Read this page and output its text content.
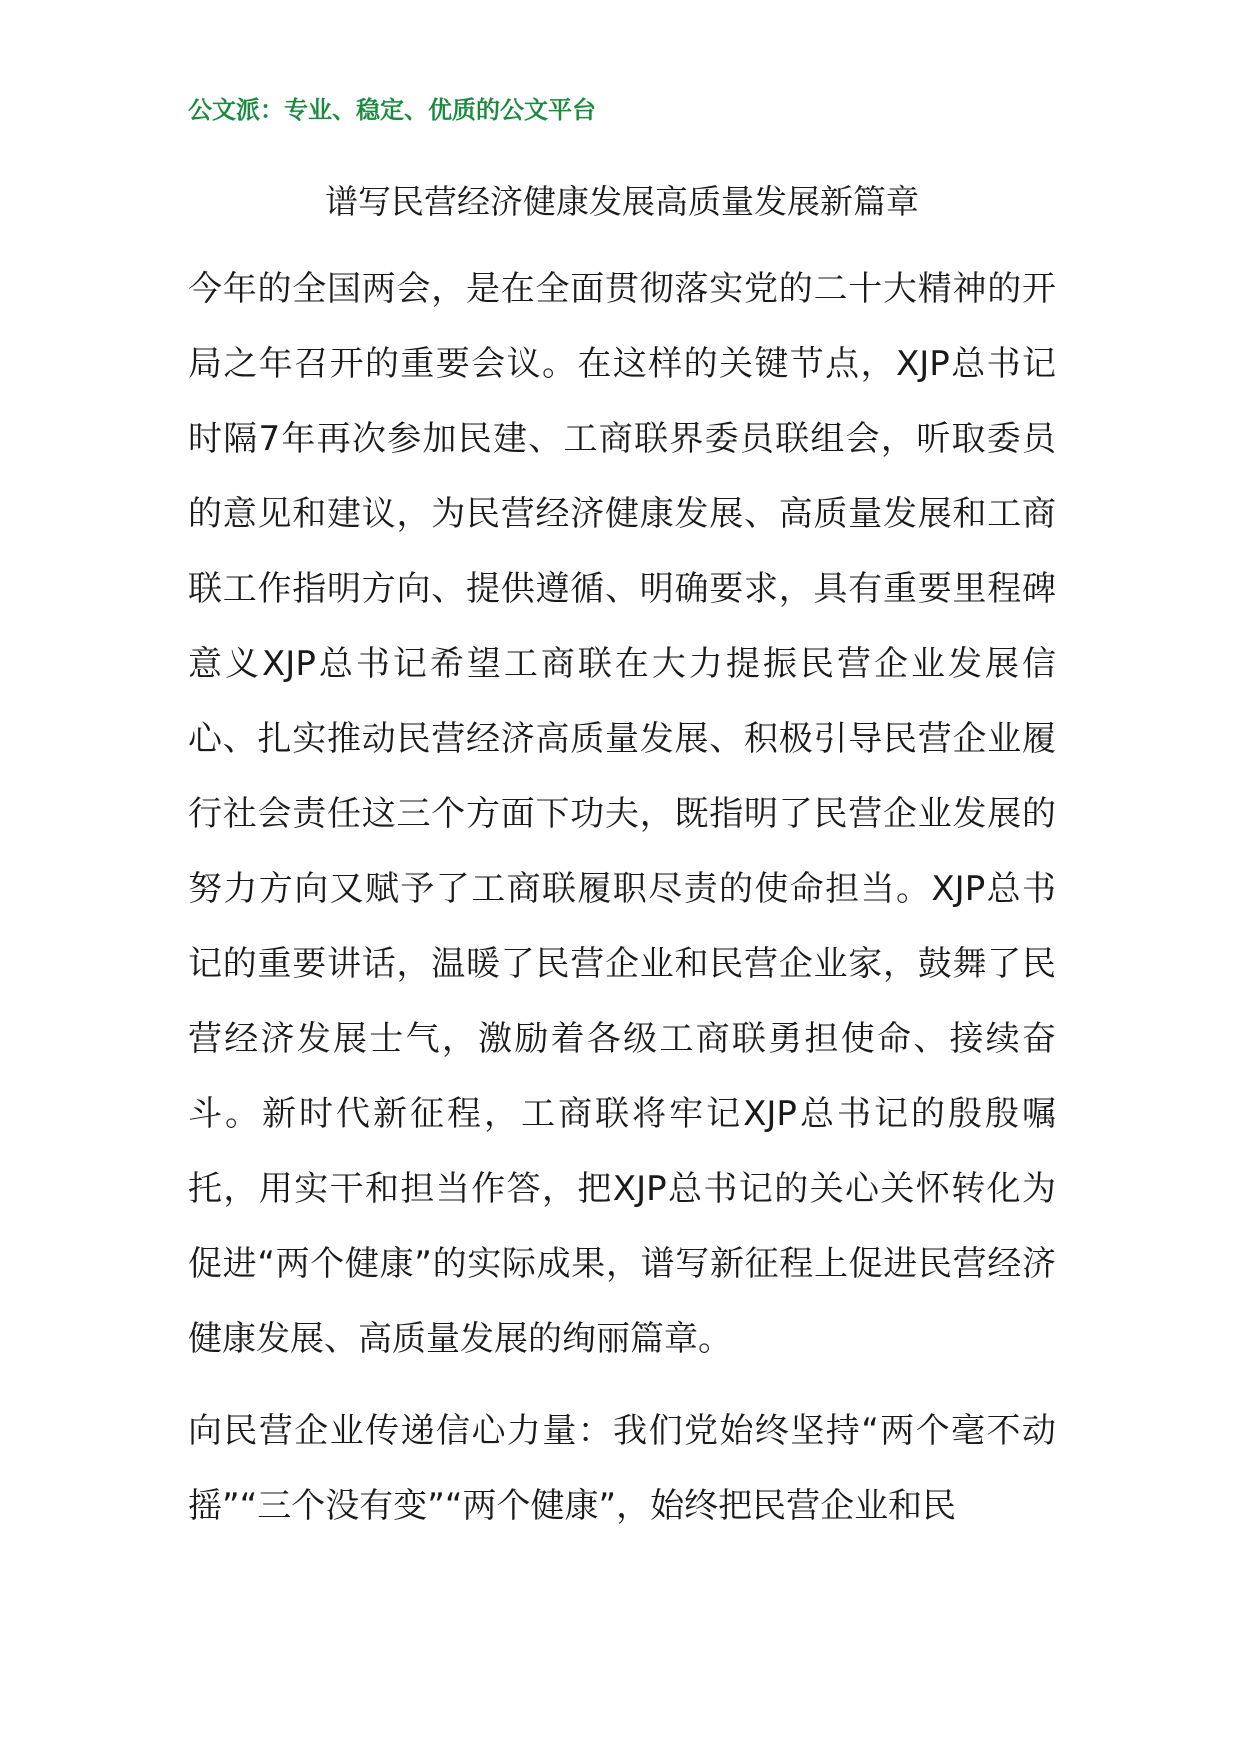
公文派：专业、稳定、优质的公文平台
谱写民营经济健康发展高质量发展新篇章

今年的全国两会，是在全面贯彻落实党的二十大精神的开局之年召开的重要会议。在这样的关键节点，XJP总书记时隔7年再次参加民建、工商联界委员联组会，听取委员的意见和建议，为民营经济健康发展、高质量发展和工商联工作指明方向、提供遵循、明确要求，具有重要里程碑意义XJP总书记希望工商联在大力提振民营企业发展信心、扎实推动民营经济高质量发展、积极引导民营企业履行社会责任这三个方面下功夫，既指明了民营企业发展的努力方向又赋予了工商联履职尽责的使命担当。XJP总书记的重要讲话，温暖了民营企业和民营企业家，鼓舞了民营经济发展士气，激励着各级工商联勇担使命、接续奋斗。新时代新征程，工商联将牢记XJP总书记的殷殷嘱托，用实干和担当作答，把XJP总书记的关心关怀转化为促进“两个健康”的实际成果，谱写新征程上促进民营经济健康发展、高质量发展的绚丽篇章。

向民营企业传递信心力量：我们党始终坚持“两个毫不动摇”“三个没有变”“两个健康”，始终把民营企业和民
